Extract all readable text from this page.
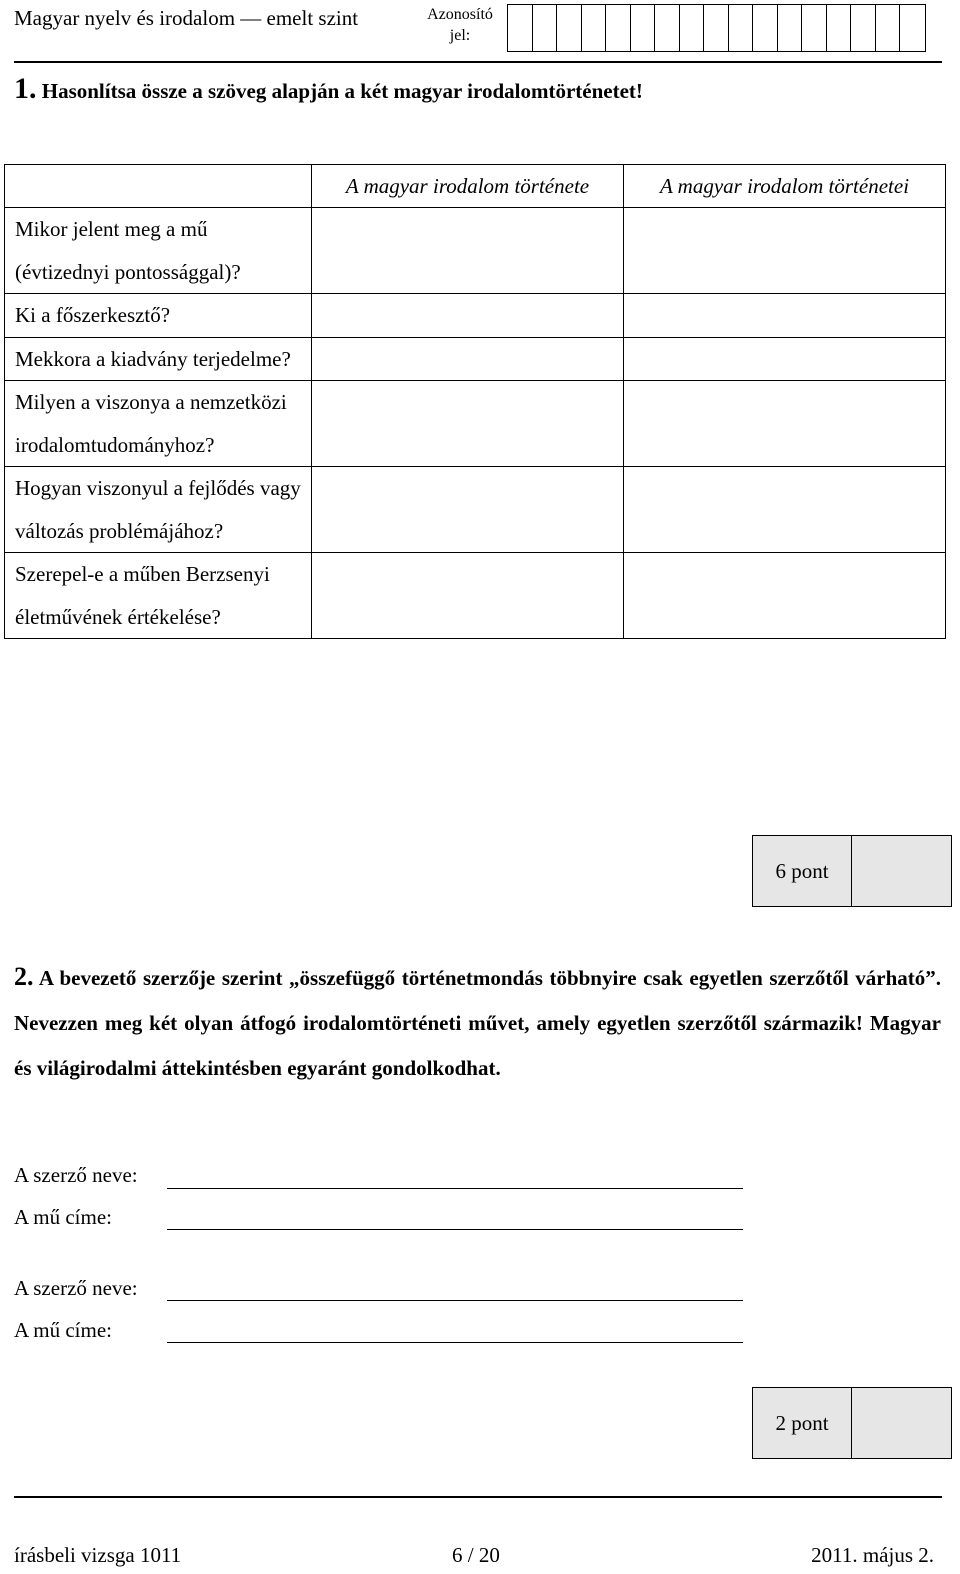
Magyar nyelv és irodalom — emelt szint	Azonosító
jel:
1. Hasonlítsa össze a szöveg alapján a két magyar irodalomtörténetet!
	A magyar irodalom története	A magyar irodalom történetei
Mikor jelent meg a mű (évtizednyi pontossággal)?		
Ki a főszerkesztő?		
Mekkora a kiadvány terjedelme?		
Milyen a viszonya a nemzetközi irodalomtudományhoz?		
Hogyan viszonyul a fejlődés vagy változás problémájához?		
Szerepel-e a műben Berzsenyi életművének értékelése?		
6 pont
2. A bevezető szerzője szerint „összefüggő történetmondás többnyire csak egyetlen szerzőtől várható”. Nevezzen meg két olyan átfogó irodalomtörténeti művet, amely egyetlen szerzőtől származik! Magyar és világirodalmi áttekintésben egyaránt gondolkodhat.
A szerző neve:
A mű címe:
A szerző neve:
A mű címe:
2 pont
írásbeli vizsga 1011	6 / 20	2011. május 2.
